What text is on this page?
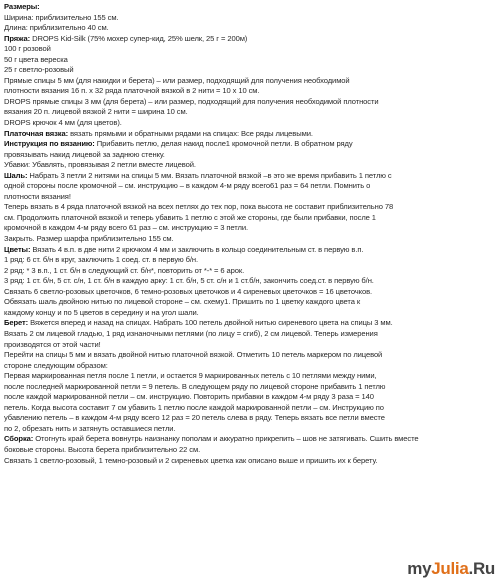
Размеры:
Ширина: приблизительно 155 см.
Длина: приблизительно 40 см.
Пряжа: DROPS Kid-Silk (75% мохер супер-кид, 25% шелк, 25 г = 200м)
100 г розовой
50 г цвета вереска
25 г светло-розовый
Прямые спицы 5 мм (для накидки и берета) – или размер, подходящий для получения необходимой
плотности вязания 16 п. х 32 ряда платочной вязкой в 2 нити = 10 х 10 см.
DROPS прямые спицы 3 мм (для берета) – или размер, подходящий для получения необходимой плотности
вязания 20 п. лицевой вязкой 2 нити = ширина 10 см.
DROPS крючок 4 мм (для цветов).
Платочная вязка: вязать прямыми и обратными рядами на спицах: Все ряды лицевыми.
Инструкция по вязанию: Прибавить петлю, делая накид после1 кромочной петли. В обратном ряду
провязывать накид лицевой за заднюю стенку.
Убавки: Убавлять, провязывая 2 петли вместе лицевой.
Шаль: Набрать 3 петли 2 нитями на спицы 5 мм. Вязать платочной вязкой –в это же время прибавить 1 петлю с
одной стороны после кромочной – см. инструкцию – в каждом 4-м ряду всего61 раз = 64 петли. Помнить о
плотности вязания!
Теперь вязать в 4 ряда платочной вязкой на всех петлях до тех пор, пока высота не составит приблизительно 78
см. Продолжить платочной вязкой и теперь убавить 1 петлю с этой же стороны, где были прибавки, после 1
кромочной в каждом 4-м ряду всего 61 раз – см. инструкцию = 3 петли.
Закрыть. Размер шарфа приблизительно 155 см.
Цветы: Вязать 4 в.п. в две нити 2 крючком 4 мм и заключить в кольцо соединительным ст. в первую в.п.
1 ряд: 6 ст. б/н в круг, заключить 1 соед. ст. в первую б/н.
2 ряд: * 3 в.п., 1 ст. б/н в следующий ст. б/н*, повторить от *-* = 6 арок.
3 ряд: 1 ст. б/н, 5 ст. с/н, 1 ст. б/н в каждую арку: 1 ст. б/н, 5 ст. с/н и 1 ст.б/н, закончить соед.ст. в первую б/н.
Связать 6 светло-розовых цветочков, 6 темно-розовых цветочков и 4 сиреневых цветочков = 16 цветочков.
Обвязать шаль двойною нитью по лицевой стороне – см. схему1. Пришить по 1 цветку каждого цвета к
каждому концу и по 5 цветов в середину и на угол шали.
Берет: Вяжется вперед и назад на спицах. Набрать 100 петель двойной нитью сиреневого цвета на спицы 3 мм.
Вязать 2 см лицевой гладью, 1 ряд изнаночными петлями (по лицу = сгиб), 2 см лицевой. Теперь измерения
производятся от этой части!
Перейти на спицы 5 мм и вязать двойной нитью платочной вязкой. Отметить 10 петель маркером по лицевой
стороне следующим образом:
Первая маркированная петля после 1 петли, и остается 9 маркированных петель с 10 петлями между ними,
после последней маркированной петли = 9 петель. В следующем ряду по лицевой стороне прибавить 1 петлю
после каждой маркированной петли – см. инструкцию. Повторить прибавки в каждом 4-м ряду 3 раза = 140
петель. Когда высота составит 7 см убавить 1 петлю после каждой маркированной петли – см. Инструкцию по
убавлению петель – в каждом 4-м ряду всего 12 раз = 20 петель слева в ряду. Теперь вязать все петли вместе
по 2, обрезать нить и затянуть оставшиеся петли.
Сборка: Отогнуть край берета вовнутрь наизнанку пополам и аккуратно прикрепить – шов не затягивать. Сшить вместе
боковые стороны. Высота берета приблизительно 22 см.
Связать 1 светло-розовый, 1 темно-розовый и 2 сиреневых цветка как описано выше и пришить их к берету.
myJulia.Ru
